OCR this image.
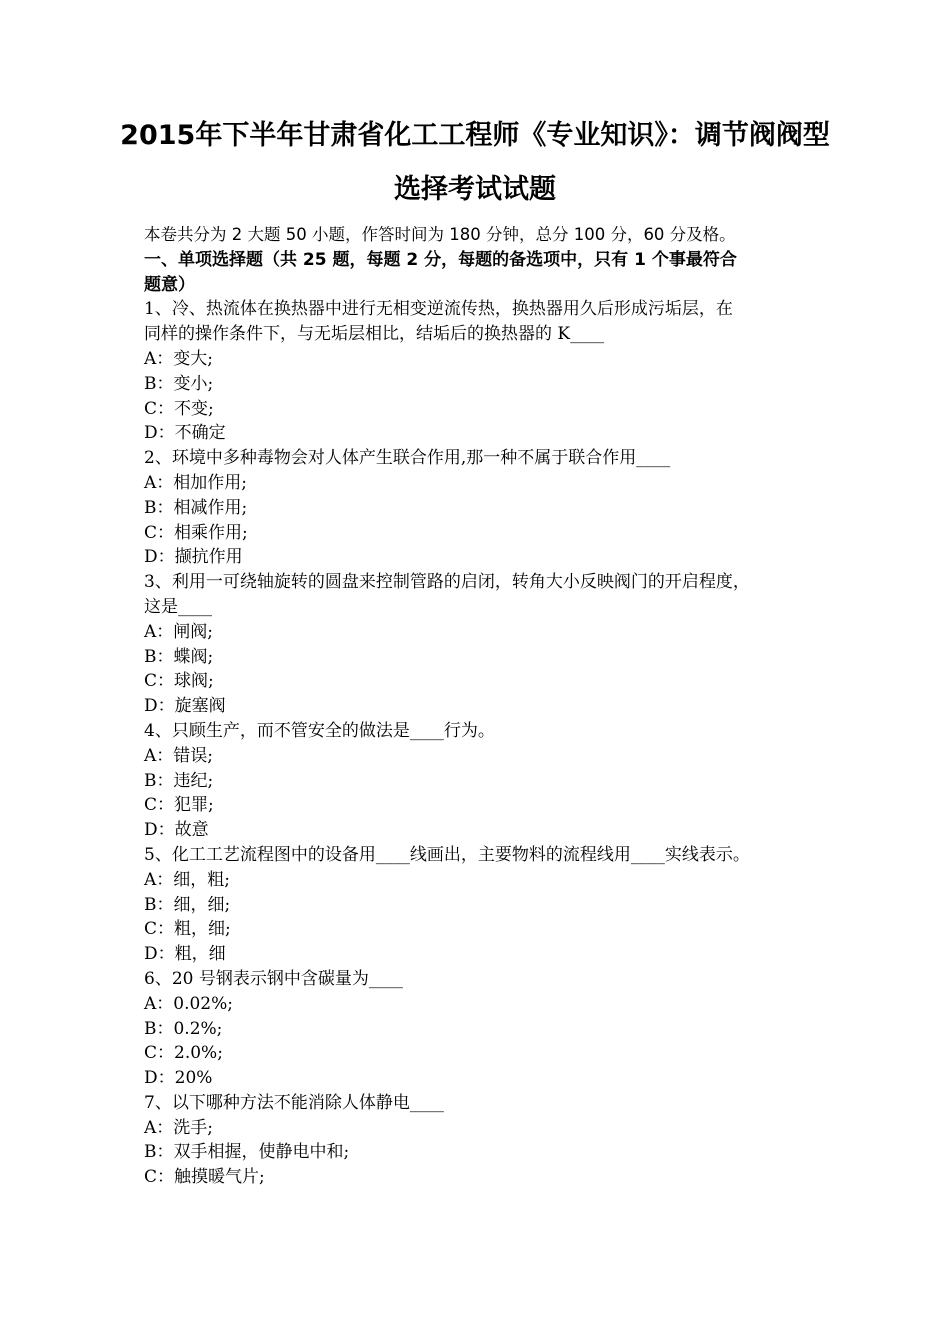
2015年下半年甘肃省化工工程师《专业知识》：调节阀阀型
选择考试试题
本卷共分为 2 大题 50 小题，作答时间为 180 分钟，总分 100 分，60 分及格。
一、单项选择题（共 25 题，每题 2 分，每题的备选项中，只有 1 个事最符合
题意）
1、冷、热流体在换热器中进行无相变逆流传热，换热器用久后形成污垢层，在
同样的操作条件下，与无垢层相比，结垢后的换热器的 K____
A：变大;
B：变小;
C：不变;
D：不确定
2、环境中多种毒物会对人体产生联合作用,那一种不属于联合作用____
A：相加作用;
B：相减作用;
C：相乘作用;
D：撷抗作用
3、利用一可绕轴旋转的圆盘来控制管路的启闭，转角大小反映阀门的开启程度，
这是____
A：闸阀;
B：蝶阀;
C：球阀;
D：旋塞阀
4、只顾生产，而不管安全的做法是____行为。
A：错误;
B：违纪;
C：犯罪;
D：故意
5、化工工艺流程图中的设备用____线画出，主要物料的流程线用____实线表示。
A：细，粗;
B：细，细;
C：粗，细;
D：粗，细
6、20 号钢表示钢中含碳量为____
A：0.02%;
B：0.2%;
C：2.0%;
D：20%
7、以下哪种方法不能消除人体静电____
A：洗手;
B：双手相握，使静电中和;
C：触摸暖气片;
